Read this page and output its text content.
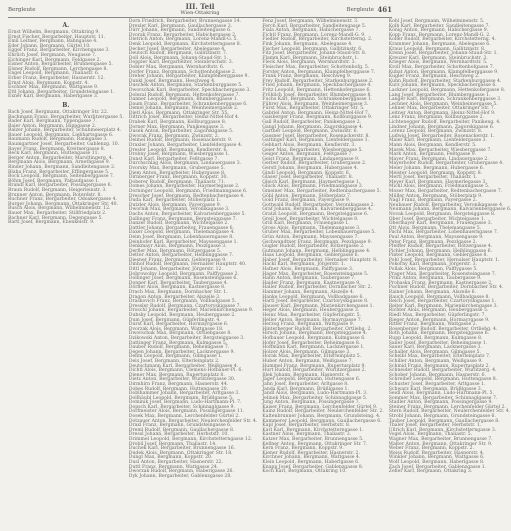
Bergleute	III. Teil
Wien-Ottakring	Bergleute 461
A.
Ernst Wilhelm, Bergmann, Ottakring 9.
Ernst Fischer, Bergarbeiter, Hauptstr. 11.
Emil Leitner, Bergmann, Bahngasse 4.
Eder Johann, Bergmann, Gürtel 10.
Egger Franz, Bergarbeiter, Kirchengasse 3.
Ehrlich Josef, Bergmann, Neugasse 7.
Eichinger Karl, Bergmann, Feldgasse 2.
Eisner Anton, Bergarbeiter, Brunnengasse 5.
Elsner Rudolf, Bergmann, Lerchengasse 8.
Engel Leopold, Bergmann, Thaliastr. 6.
Erber Franz, Bergarbeiter, Hasnerstr. 12.
Ernst Alois, Bergmann, Koppstr. 4.
Eschner Max, Bergmann, Wattgasse 9.
Ettl Johann, Bergarbeiter, Grundsteingasse 1.
Exner Karl, Bergmann, Haberlgasse 3.
B.
Bach Josef, Bergmann, Ottakringer Str. 22.
Bachmann Franz, Bergarbeiter, Wurlitzergasse 5.
Bader Karl, Bergmann, Yppengasse 7.
Baier Anton, Bergmann, Hippgasse 2.
Balzer Johann, Bergarbeiter, Schuhmeierplatz 4.
Bauer Leopold, Bergmann, Liebhartsgasse 6.
Baumann Rudolf, Bergmann, Rankgasse 3.
Baumgartner Josef, Bergarbeiter, Gablenzg. 10.
Bayer Franz, Bergmann, Kreitnergasse 8.
Beck Karl, Bergmann, Huttengasse 11.
Berger Anton, Bergarbeiter, Maroltingerg. 4.
Bergmann Alois, Bergmann, Arnethgasse 9.
Binder Johann, Bergmann, Sandleitengasse 2.
Blaha Franz, Bergarbeiter, Effingergasse 5.
Bock Leopold, Bergmann, Seitenberggasse 7.
Böhm Josef, Bergmann, Paltaufgasse 1.
Brandl Karl, Bergarbeiter, Possingergasse 6.
Braun Rudolf, Bergmann, Heigerleinstr. 3.
Brunner Anton, Bergmann, Roterdstr. 8.
Buchner Franz, Bergarbeiter, Odoakergasse 4.
Burger Johann, Bergmann, Ottakringer Str. 40.
Busch Alois, Bergmann, Wilhelminenstr. 12.
Bauer Max, Bergarbeiter, Stillfriedplatz 2.
Bachner Karl, Bergmann, Degengasse 5.
Bartl Josef, Bergmann, Enenkelstr. 9.
Dorn Friedrich, Bergarbeiter, Brunnengasse 14.
Drexler Karl, Bergmann, Gaullachergasse 3.
Dürr Johann, Bergmann, Sandleitengasse 6.
Dvorak Franz, Bergarbeiter, Habichergasse 2.
Dietrich Anton, Bergmann, Lorenz-Mandl-G. 5.
Denk Leopold, Bergmann, Kirchstetterngasse 8.
Decker Josef, Bergarbeiter, Abelegasse 4.
Deutsch Rudolf, Bergmann, Gallitzinstr. 7.
Doll Alois, Bergmann, Johann-Staud-Str. 1.
Doppler Karl, Bergarbeiter, Steinbruchstr. 3.
Dobler Max, Bergmann, Wernhardtstr. 6.
Dorfer Franz, Bergmann, Schottenhofgasse 2.
Dreher Johann, Bergarbeiter, Klampfelberggasse 9.
Dunkl Josef, Bergmann, Heschweg 4.
Duschek Anton, Bergmann, Starkenburggasse 5.
Dworschak Karl, Bergarbeiter, Speckbachergasse 3.
Dolezal Rudolf, Bergmann, Hettenkofergasse 7.
Danner Leopold, Bergmann, Blumberggasse 1.
Daum Franz, Bergarbeiter, Schrankenberggasse 6.
Demel Johann, Bergmann, Weinheimergasse 2.
Dietl Alois, Bergmann, Ottakringer Str. 55.
Dittrich Josef, Bergarbeiter, Heinz-Nittel-Hof 4.
Drabek Karl, Bergmann, Kollburggasse 8.
Dorner Max, Bergmann, Panikengasse 3.
Dusek Anton, Bergarbeiter, Zagorskigasse 5.
Dworak Franz, Bergmann, Zwinzstr. 2.
Deimel Rudolf, Bergmann, Rosenackerstr. 9.
Draxler Johann, Bergarbeiter, Lienfeldergasse 4.
Dresler Leopold, Bergmann, Kendlerstr. 6.
Drobny Josef, Bergmann, Wiesberggasse 1.
Dunst Karl, Bergarbeiter, Feßtgasse 7.
Durchschlag Alois, Bergmann, Lindauergasse 3.
Dvorsky Max, Bergmann, Grubergasse 5.
Diem Anton, Bergarbeiter, Hubergasse 8.
Dirnberger Franz, Bergmann, Koppstr. 30.
Doberer Rudolf, Bergmann, Thaliastr. 71.
Domes Johann, Bergarbeiter, Haymerlegasse 2.
Dorninger Leopold, Bergmann, Friedmanngasse 6.
Drescher Josef, Bergmann, Redtenbachergasse 4.
Duda Karl, Bergarbeiter, Stöberplatz 1.
Dutzler Alois, Bergmann, Payergasse 9.
Dwornik Max, Bergmann, Veronikagasse 3.
Dachs Anton, Bergarbeiter, Kalvarienberggasse 5.
Dallinger Franz, Bergmann, Bergsteiggasse 7.
Danzer Rudolf, Bergmann, Wichtelgasse 2.
Dattler Johann, Bergarbeiter, Frauengasse 6.
Daxer Leopold, Bergmann, Thelemangasse 4.
Deim Josef, Bergmann, Lobenhauerngasse 8.
Deinhofer Karl, Bergarbeiter, Mayssengasse 1.
Denkmayr Alois, Bergmann, Pezzlgasse 3.
Derfler Max, Bergmann, Rötzergasse 5.
Detter Anton, Bergarbeiter, Helblinggasse 7.
Diesner Franz, Bergmann, Geblergasse 9.
Dinhof Rudolf, Bergmann, Hernalser Hauptstr. 40.
Dittl Johann, Bergarbeiter, Jörgerstr. 12.
Dobrowolny Leopold, Bergmann, Palffygasse 2.
Dollinger Josef, Bergmann, Rosensteingasse 6.
Donner Karl, Bergarbeiter, Taubergasse 4.
Dörfler Alois, Bergmann, Kastnergasse 8.
Drach Max, Bergmann, Dornbacher Str. 1.
Dragon Anton, Bergarbeiter, Alszeile 3.
Draskovich Franz, Bergmann, Vollbadgasse 5.
Dressler Rudolf, Bergmann, Czartoryskigasse 7.
Droschl Johann, Bergarbeiter, Marienkirchengasse 9.
Dubsky Leopold, Bergmann, Heuberggasse 2.
Dum Josef, Bergmann, Güpferlingstr. 4.
Durst Karl, Bergarbeiter, Hormayrgasse 6.
Dvorzak Alois, Bergmann, Wattgasse 18.
Dworschak Max, Bergmann, Ortliebgasse 8.
Dzikowski Anton, Bergarbeiter, Bergsteiggasse 3.
Dattinger Franz, Bergmann, Kulmgasse 5.
Dauber Rudolf, Bergmann, Beheimgasse 7.
Degen Johann, Bergarbeiter, Lacknergasse 9.
Dehm Leopold, Bergmann, Gilmgasse 1.
Deix Josef, Bergmann, Elterleinplatz 2.
Deutschmann Karl, Bergarbeiter, Weißgasse 4.
Dichtl Alois, Bergmann, Clemens-Hofbauer-Pl. 6.
Diener Max, Bergmann, Rupertusplatz 8.
Dietz Anton, Bergarbeiter, Wurlitzergasse 30.
Dirmhirn Franz, Bergmann, Hasnerstr. 44.
Dobes Rudolf, Bergmann, Huttengasse 20.
Doblhammer Johann, Bergarbeiter, Arltgasse 3.
Dollhäubl Leopold, Bergmann, Brüßlgasse 5.
Dominik Josef, Bergmann, Ludo-Hartmann-Pl. 7.
Dopsch Karl, Bergarbeiter, Schinnaglgasse 9.
Dorfmeister Alois, Bergmann, Possingergasse 11.
Dosek Max, Bergmann, Lerchenfelder Gürtel 2.
Dotzauer Anton, Bergarbeiter, Neulerchenfelder Str. 4.
Draxl Franz, Bergmann, Grundsteingasse 6.
Dreml Rudolf, Bergmann, Gaullachergasse 8.
Dressl Johann, Bergarbeiter, Herbststr. 10.
Drimmel Leopold, Bergmann, Kirchstetterngasse 12.
Drobil Josef, Bergmann, Thaliastr. 14.
Duchek Karl, Bergarbeiter, Brunnengasse 16.
Dudek Alois, Bergmann, Ottakringer Str. 18.
Dungl Max, Bergmann, Koppstr. 20.
Dusl Anton, Bergarbeiter, Hasnerstr. 22.
Duttl Franz, Bergmann, Wattgasse 24.
Dworzak Rudolf, Bergmann, Haberlgasse 26.
Dyk Johann, Bergarbeiter, Gablenzgasse 28.
Fenz Josef, Bergmann, Wilhelminenstr. 3.
Ferch Karl, Bergarbeiter, Sandleitengasse 5.
Fiala Anton, Bergmann, Habichergasse 7.
Fichtl Franz, Bergmann, Lorenz-Mandl-G. 9.
Fiedler Rudolf, Bergarbeiter, Kirchstetterng. 2.
Fink Johann, Bergmann, Abelegasse 4.
Fischer Leopold, Bergmann, Gallitzinstr. 6.
Fitz Josef, Bergarbeiter, Johann-Staud-Str. 8.
Flamm Karl, Bergmann, Steinbruchstr. 1.
Fleck Alois, Bergmann, Wernhardtstr. 3.
Fleischer Max, Bergarbeiter, Schottenhofg. 5.
Forster Anton, Bergmann, Klampfelberggasse 7.
Frank Franz, Bergmann, Heschweg 9.
Frey Rudolf, Bergarbeiter, Starkenburggasse 2.
Fried Johann, Bergmann, Speckbachergasse 4.
Fritz Leopold, Bergmann, Hettenkofergasse 6.
Fröhlich Josef, Bergarbeiter, Blumberggasse 8.
Fuchs Karl, Bergmann, Schrankenberggasse 1.
Führer Alois, Bergmann, Weinheimergasse 3.
Fürst Max, Bergarbeiter, Ottakringer Str. 5.
Gabriel Anton, Bergmann, Heinz-Nittel-Hof 7.
Gaisberger Franz, Bergmann, Kollburggasse 9.
Gall Rudolf, Bergarbeiter, Panikengasse 2.
Gangl Johann, Bergmann, Zagorskigasse 4.
Gartner Leopold, Bergmann, Zwinzstr. 6.
Gassner Josef, Bergarbeiter, Rosenackerstr. 8.
Gattinger Karl, Bergmann, Lienfeldergasse 1.
Gebhart Alois, Bergmann, Kendlerstr. 3.
Geier Max, Bergarbeiter, Wiesberggasse 5.
Geiger Anton, Bergmann, Feßtgasse 7.
Geist Franz, Bergmann, Lindauergasse 9.
Gerber Rudolf, Bergarbeiter, Grubergasse 2.
Gerstl Johann, Bergmann, Hubergasse 4.
Gindl Leopold, Bergmann, Koppstr. 6.
Glaser Josef, Bergarbeiter, Thaliastr. 8.
Gleich Karl, Bergmann, Haymerlegasse 1.
Glück Alois, Bergmann, Friedmanngasse 3.
Gmeiner Max, Bergarbeiter, Redtenbachergasse 5.
Göbl Anton, Bergmann, Stöberplatz 7.
Gold Franz, Bergmann, Payergasse 9.
Gottwald Rudolf, Bergarbeiter, Veronikagasse 2.
Graf Johann, Bergmann, Kalvarienberggasse 4.
Gratzl Leopold, Bergmann, Bergsteiggasse 6.
Greil Josef, Bergarbeiter, Wichtelgasse 8.
Grill Karl, Bergmann, Frauengasse 1.
Gross Alois, Bergmann, Thelemangasse 3.
Gruber Max, Bergarbeiter, Lobenhauerngasse 5.
Grün Anton, Bergmann, Mayssengasse 7.
Gschwandtner Franz, Bergmann, Pezzlgasse 9.
Gugler Rudolf, Bergarbeiter, Rötzergasse 2.
Gutmann Johann, Bergmann, Helblinggasse 4.
Haas Leopold, Bergmann, Geblergasse 6.
Haber Josef, Bergarbeiter, Hernalser Hauptstr. 8.
Hackl Karl, Bergmann, Jörgerstr. 1.
Hafner Alois, Bergmann, Palffygasse 3.
Hager Max, Bergarbeiter, Rosensteingasse 5.
Hahn Anton, Bergmann, Taubergasse 7.
Haider Franz, Bergmann, Kastnergasse 9.
Haller Rudolf, Bergarbeiter, Dornbacher Str. 2.
Hammer Johann, Bergmann, Alszeile 4.
Hanke Leopold, Bergmann, Vollbadgasse 6.
Hartl Josef, Bergarbeiter, Czartoryskigasse 8.
Hauser Karl, Bergmann, Marienkirchengasse 1.
Heger Alois, Bergmann, Heuberggasse 3.
Heinz Max, Bergarbeiter, Güpferlingstr. 5.
Heller Anton, Bergmann, Hormayrgasse 7.
Herzog Franz, Bergmann, Wattgasse 9.
Hinterberger Rudolf, Bergarbeiter, Ortliebg. 2.
Hirsch Johann, Bergmann, Bergsteiggasse 4.
Hofbauer Leopold, Bergmann, Kulmgasse 6.
Hofer Josef, Bergarbeiter, Beheimgasse 8.
Hoffmann Karl, Bergmann, Lacknergasse 1.
Holzer Alois, Bergmann, Gilmgasse 3.
Horak Max, Bergarbeiter, Elterleinplatz 5.
Huber Anton, Bergmann, Weißgasse 7.
Hummel Franz, Bergmann, Rupertusplatz 9.
Hurt Rudolf, Bergarbeiter, Wurlitzergasse 2.
Illek Johann, Bergmann, Hasnerstr. 4.
Jäger Leopold, Bergmann, Huttengasse 6.
Jahn Josef, Bergarbeiter, Arltgasse 8.
Janda Karl, Bergmann, Brüßlgasse 1.
Jandl Alois, Bergmann, Ludo-Hartmann-Pl. 3.
Jelinek Max, Bergarbeiter, Schinnaglgasse 5.
Jung Anton, Bergmann, Possingergasse 7.
Kaiser Franz, Bergmann, Lerchenfelder Gürtel 9.
Kainz Rudolf, Bergarbeiter, Neulerchenfelder Str. 2.
Kaltenbrunner Johann, Bergmann, Grundsteing. 4.
Kammerer Leopold, Bergmann, Gaullachergasse 6.
Kapl Josef, Bergarbeiter, Herbststr. 8.
Karl Karl, Bergmann, Kirchstetterngasse 1.
Kastner Alois, Bergmann, Thaliastr. 3.
Katzer Max, Bergarbeiter, Brunnengasse 5.
Kellner Anton, Bergmann, Ottakringer Str. 7.
Kern Franz, Bergmann, Koppstr. 9.
Kiener Rudolf, Bergarbeiter, Hasnerstr. 2.
Kirchner Johann, Bergmann, Wattgasse 4.
Klein Leopold, Bergmann, Haberlgasse 6.
Knapp Josef, Bergarbeiter, Gablenzgasse 8.
Koch Karl, Bergmann, Ottakring 10.
Kohl Josef, Bergmann, Wilhelminenstr. 5.
Kolb Karl, Bergarbeiter, Sandleitengasse 7.
König Anton, Bergmann, Habichergasse 9.
Kopp Franz, Bergmann, Lorenz-Mandl-G. 2.
Koller Rudolf, Bergarbeiter, Kirchstetterng. 4.
Krammer Johann, Bergmann, Abelegasse 6.
Kraus Leopold, Bergmann, Gallitzinstr. 8.
Krenn Josef, Bergarbeiter, Johann-Staud-Str. 1.
Kreuzer Karl, Bergmann, Steinbruchstr. 3.
Krieger Alois, Bergmann, Wernhardtstr. 5.
Kroll Max, Bergarbeiter, Schottenhofgasse 7.
Kubat Anton, Bergmann, Klampfelberggasse 9.
Kugler Franz, Bergmann, Heschweg 2.
Kuhn Rudolf, Bergarbeiter, Starkenburggasse 4.
Kurz Johann, Bergmann, Speckbachergasse 6.
Lackner Leopold, Bergmann, Hettenkofergasse 8.
Lang Josef, Bergarbeiter, Blumberggasse 1.
Langer Karl, Bergmann, Schrankenberggasse 3.
Lechner Alois, Bergmann, Weinheimergasse 5.
Lehner Max, Bergarbeiter, Ottakringer Str. 7.
Leitner Anton, Bergmann, Heinz-Nittel-Hof 9.
Lenz Franz, Bergmann, Kollburggasse 2.
Lichtenegger Rudolf, Bergarbeiter, Panikeng. 4.
Lindner Johann, Bergmann, Zagorskigasse 6.
Lorenz Leopold, Bergmann, Zwinzstr. 8.
Ludwig Josef, Bergarbeiter, Rosenackerstr. 1.
Maier Karl, Bergmann, Lienfeldergasse 3.
Mann Alois, Bergmann, Kendlerstr. 5.
Marek Max, Bergarbeiter, Wiesberggasse 7.
Mark Anton, Bergmann, Feßtgasse 9.
Mayer Franz, Bergmann, Lindauergasse 2.
Mayerhofer Rudolf, Bergarbeiter, Grubergasse 4.
Meier Johann, Bergmann, Hubergasse 6.
Meister Leopold, Bergmann, Koppstr. 8.
Mertl Josef, Bergarbeiter, Thaliastr. 1.
Meyer Karl, Bergmann, Haymerlegasse 3.
Michl Alois, Bergmann, Friedmanngasse 5.
Moser Max, Bergarbeiter, Redtenbachergasse 7.
Müller Anton, Bergmann, Stöberplatz 9.
Nagl Franz, Bergmann, Payergasse 2.
Neubauer Rudolf, Bergarbeiter, Veronikagasse 4.
Neumann Johann, Bergmann, Kalvarienberggasse 6.
Novak Leopold, Bergmann, Bergsteiggasse 8.
Ober Josef, Bergarbeiter, Wichtelgasse 1.
Obermayer Karl, Bergmann, Frauengasse 3.
Ott Alois, Bergmann, Thelemangasse 5.
Pachl Max, Bergarbeiter, Lobenhauerngasse 7.
Paul Anton, Bergmann, Mayssengasse 9.
Peter Franz, Bergmann, Pezzlgasse 2.
Pfeiffer Rudolf, Bergarbeiter, Rötzergasse 4.
Pichler Johann, Bergmann, Helblinggasse 6.
Pinter Leopold, Bergmann, Geblergasse 8.
Pohl Josef, Bergarbeiter, Hernalser Hauptstr. 1.
Pokorny Karl, Bergmann, Jörgerstr. 3.
Pollak Alois, Bergmann, Palffygasse 5.
Prager Max, Bergarbeiter, Rosensteingasse 7.
Prinz Anton, Bergmann, Taubergasse 9.
Prohaska Franz, Bergmann, Kastnergasse 2.
Puchner Rudolf, Bergarbeiter, Dornbacher Str. 4.
Rainer Johann, Bergmann, Alszeile 6.
Rauch Leopold, Bergmann, Vollbadgasse 8.
Reich Josef, Bergarbeiter, Czartoryskigasse 1.
Reiter Karl, Bergmann, Marienkirchengasse 3.
Richter Alois, Bergmann, Heuberggasse 5.
Riedl Max, Bergarbeiter, Güpferlingstr. 7.
Rieger Anton, Bergmann, Hormayrgasse 9.
Ritter Franz, Bergmann, Wattgasse 2.
Rosenberger Rudolf, Bergarbeiter, Ortliebg. 4.
Roth Johann, Bergmann, Bergsteiggasse 6.
Rupp Leopold, Bergmann, Kulmgasse 8.
Sailer Josef, Bergarbeiter, Beheimgasse 1.
Sauer Karl, Bergmann, Lacknergasse 3.
Schaller Alois, Bergmann, Gilmgasse 5.
Scheibl Max, Bergarbeiter, Elterleinplatz 7.
Schiller Anton, Bergmann, Weißgasse 9.
Schmid Franz, Bergmann, Rupertusplatz 2.
Schneider Rudolf, Bergarbeiter, Wurlitzerg. 4.
Schober Johann, Bergmann, Hasnerstr. 6.
Schreiber Leopold, Bergmann, Huttengasse 8.
Schuster Josef, Bergarbeiter, Arltgasse 1.
Schwarz Karl, Bergmann, Brüßlgasse 3.
Seidl Alois, Bergmann, Ludo-Hartmann-Pl. 5.
Sommer Max, Bergarbeiter, Schinnaglgasse 7.
Stadler Anton, Bergmann, Possingergasse 9.
Steiner Franz, Bergmann, Lerchenfelder Gürtel 2.
Stern Rudolf, Bergarbeiter, Neulerchenfelder Str. 4.
Strobl Johann, Bergmann, Grundsteingasse 6.
Tauber Leopold, Bergmann, Gaullachergasse 8.
Thaler Josef, Bergarbeiter, Herbststr. 1.
Ullrich Karl, Bergmann, Kirchstetterngasse 3.
Vogel Alois, Bergmann, Thaliastr. 5.
Wagner Max, Bergarbeiter, Brunnengasse 7.
Walter Anton, Bergmann, Ottakringer Str. 9.
Weber Franz, Bergmann, Koppstr. 2.
Weiss Rudolf, Bergarbeiter, Hasnerstr. 4.
Winkler Johann, Bergmann, Wattgasse 6.
Wolf Leopold, Bergmann, Haberlgasse 8.
Zach Josef, Bergarbeiter, Gablenzgasse 1.
Zeller Karl, Bergmann, Ottakring 3.
